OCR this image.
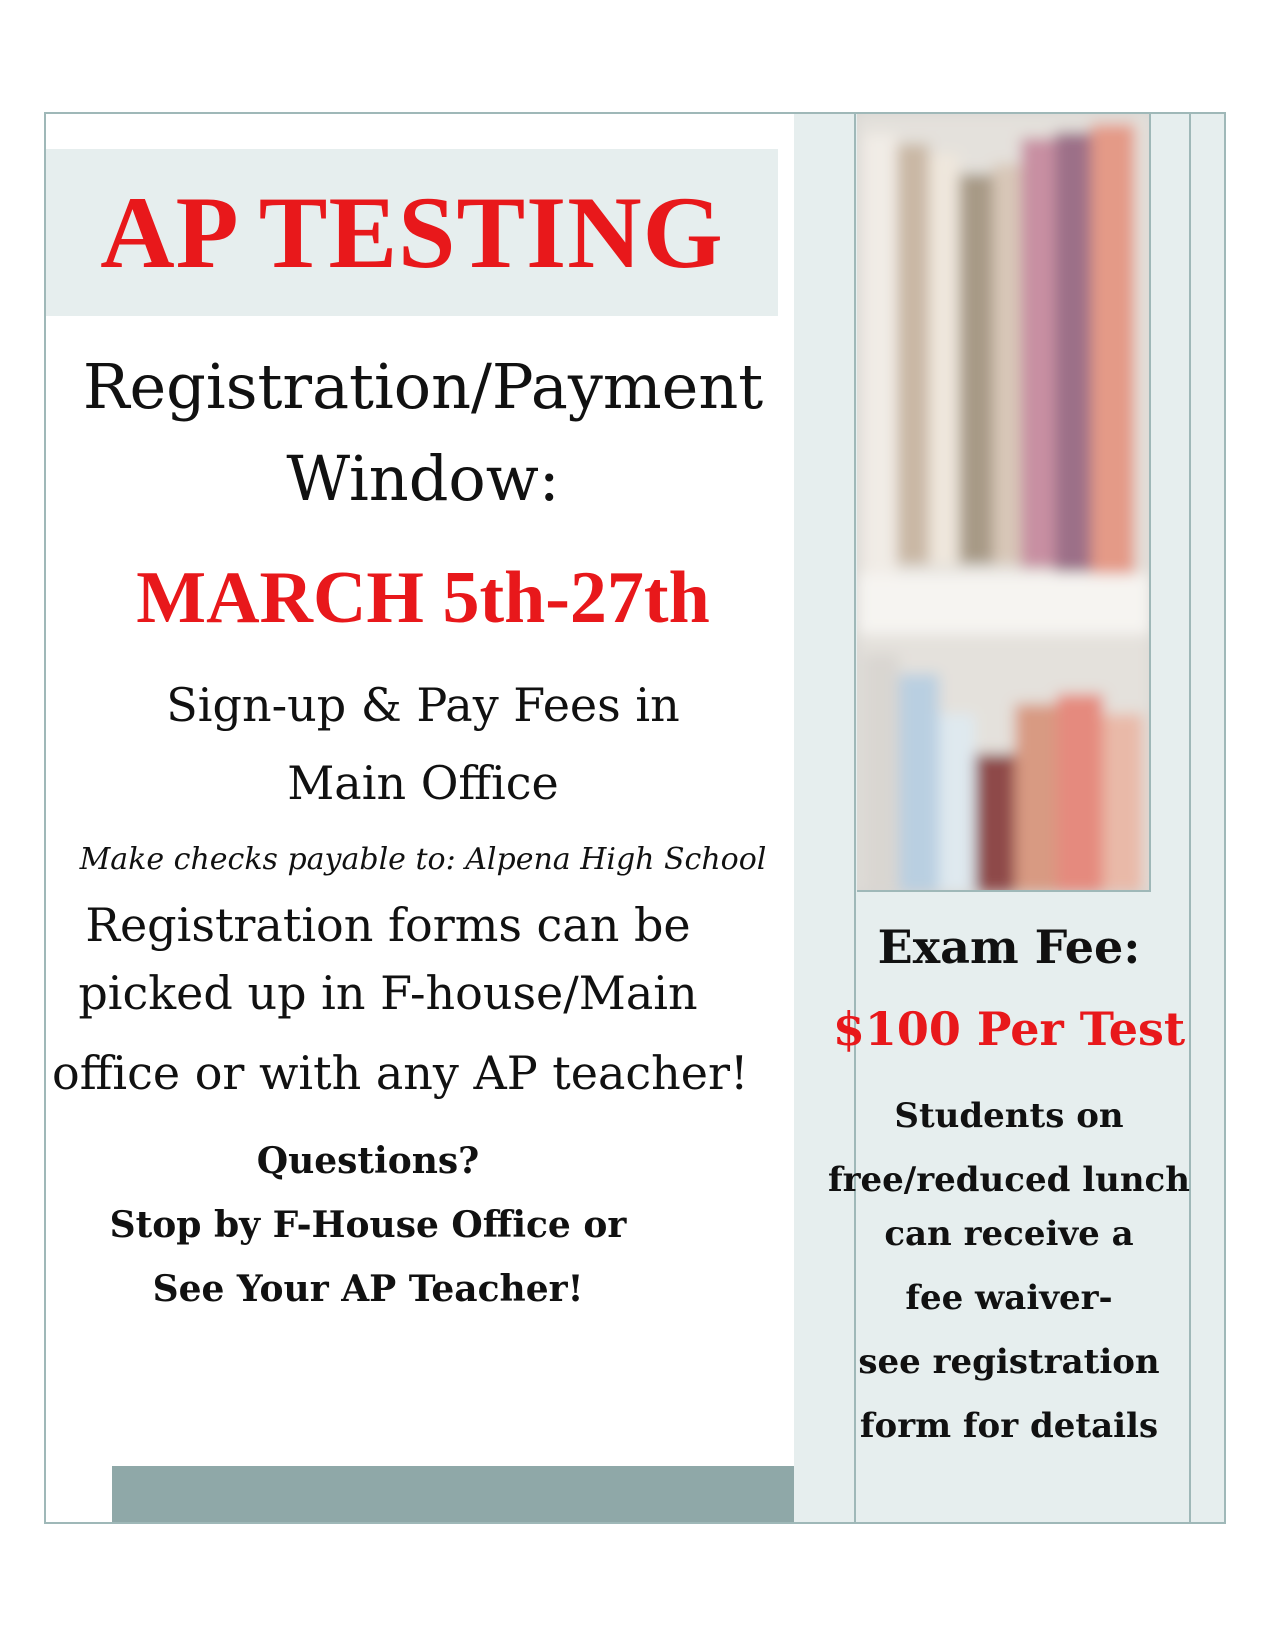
AP TESTING
Registration/Payment
Window:
MARCH 5th-27th
Sign-up & Pay Fees in
Main Office
Make checks payable to: Alpena High School
Registration forms can be
picked up in F-house/Main
office or with any AP teacher!
Questions?
Stop by F-House Office or
See Your AP Teacher!
Exam Fee:
$100 Per Test
Students on
free/reduced lunch
can receive a
fee waiver-
see registration
form for details
